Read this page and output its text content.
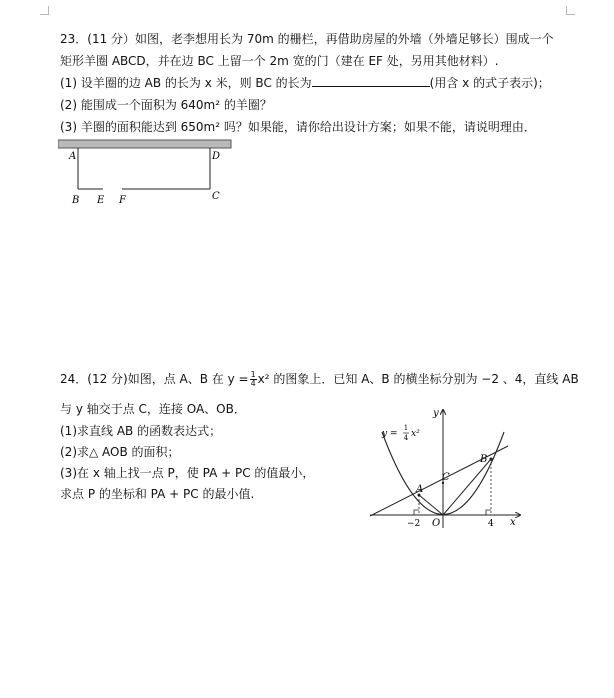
23．(11 分）如图，老李想用长为 70m 的栅栏，再借助房屋的外墙（外墙足够长）围成一个
矩形羊圈 ABCD，并在边 BC 上留一个 2m 宽的门（建在 EF 处，另用其他材料）.
(1) 设羊圈的边 AB 的长为 x 米，则 BC 的长为	(用含 x 的式子表示)；
(2) 能围成一个面积为 640m² 的羊圈？
(3) 羊圈的面积能达到 650m² 吗？如果能，请你给出设计方案；如果不能，请说明理由．
A	D
B E F	C
24．(12 分)如图，点 A、B 在 $y = \frac{1}{4} x^2$ 的图象上．已知 A、B 的横坐标分别为 −2 、4，直线 AB
与 y 轴交于点 C，连接 OA、OB．
(1)求直线 AB 的函数表达式；
(2)求△ AOB 的面积；
(3)在 x 轴上找一点 P，使 PA + PC 的值最小，
求点 P 的坐标和 PA + PC 的最小值.
y =
1
4 x²
y
x
O
A
B
C
−2	4
